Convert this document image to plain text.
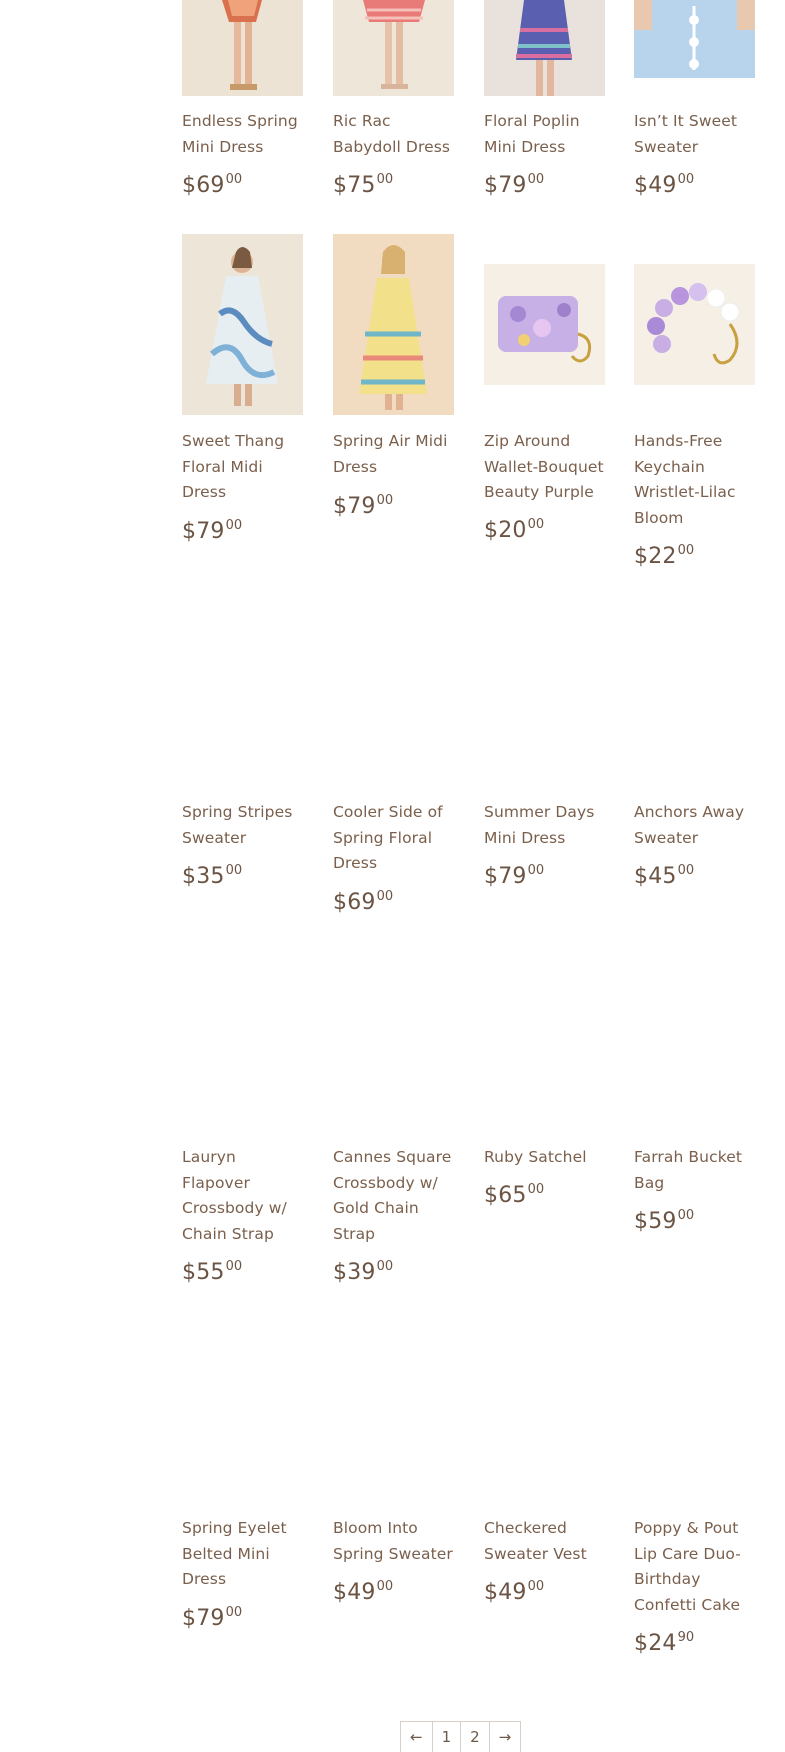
Endless Spring Mini Dress
$\$69^{00}$
Ric Rac Babydoll Dress
$\$75^{00}$
Floral Poplin Mini Dress
$\$79^{00}$
Isn’t It Sweet Sweater
$\$49^{00}$
Sweet Thang Floral Midi Dress
$\$79^{00}$
Spring Air Midi Dress
$\$79^{00}$
Zip Around Wallet-Bouquet Beauty Purple
$\$20^{00}$
Hands-Free Keychain Wristlet-Lilac Bloom
$\$22^{00}$
Spring Stripes Sweater
$\$35^{00}$
Cooler Side of Spring Floral Dress
$\$69^{00}$
Summer Days Mini Dress
$\$79^{00}$
Anchors Away Sweater
$\$45^{00}$
Lauryn Flapover Crossbody w/ Chain Strap
$\$55^{00}$
Cannes Square Crossbody w/ Gold Chain Strap
$\$39^{00}$
Ruby Satchel
$\$65^{00}$
Farrah Bucket Bag
$\$59^{00}$
Spring Eyelet Belted Mini Dress
$\$79^{00}$
Bloom Into Spring Sweater
$\$49^{00}$
Checkered Sweater Vest
$\$49^{00}$
Poppy & Pout Lip Care Duo-Birthday Confetti Cake
$\$24^{90}$
←	1	2	→
